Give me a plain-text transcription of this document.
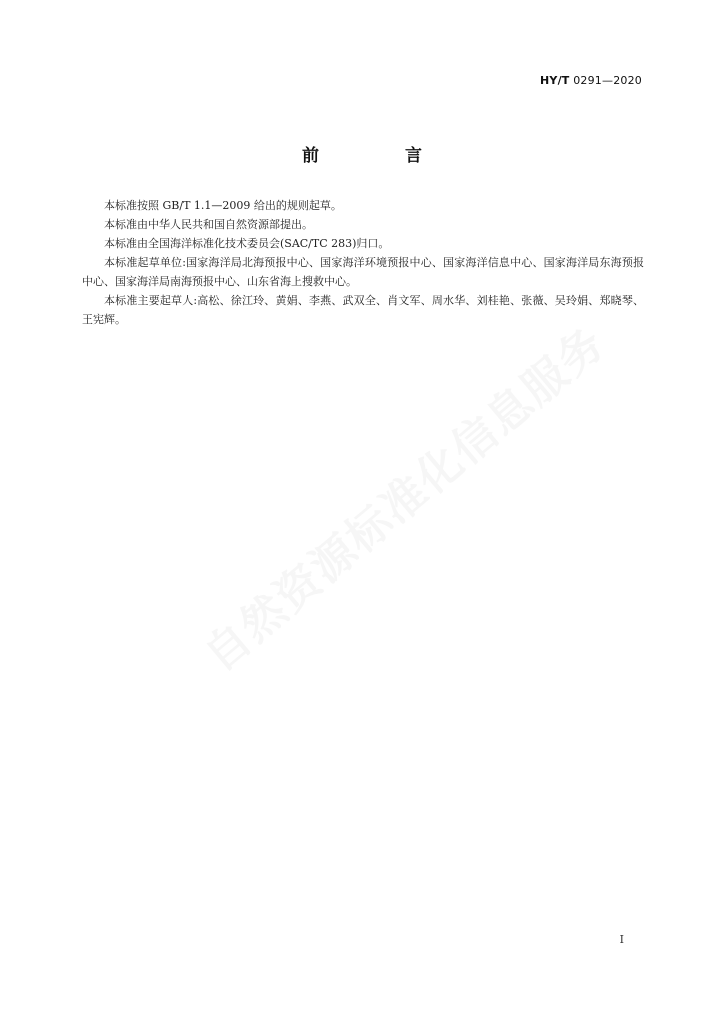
HY/T 0291—2020
前 言

本标准按照 GB/T 1.1—2009 给出的规则起草。

本标准由中华人民共和国自然资源部提出。

本标准由全国海洋标准化技术委员会(SAC/TC 283)归口。

本标准起草单位:国家海洋局北海预报中心、国家海洋环境预报中心、国家海洋信息中心、国家海洋局东海预报中心、国家海洋局南海预报中心、山东省海上搜救中心。

本标准主要起草人:高松、徐江玲、黄娟、李燕、武双全、肖文军、周水华、刘桂艳、张薇、吴玲娟、郑晓琴、王宪辉。	自然资源标准化信息服务
I
